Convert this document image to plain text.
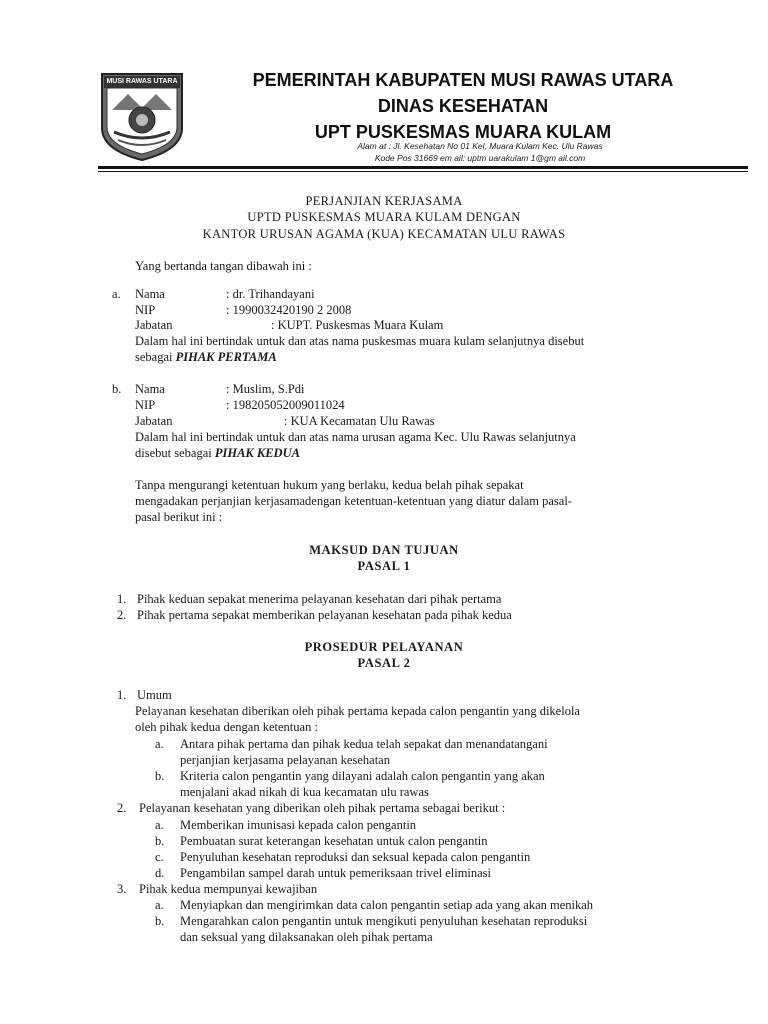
MUSI RAWAS UTARA	PEMERINTAH KABUPATEN MUSI RAWAS UTARA
DINAS KESEHATAN
UPT PUSKESMAS MUARA KULAM
Alam at : Jl. Kesehatan No 01 Kel, Muara Kulam Kec. Ulu Rawas
Kode Pos 31669 em ail: uptm uarakulam 1@gm ail.com
PERJANJIAN KERJASAMA
UPTD PUSKESMAS MUARA KULAM DENGAN
KANTOR URUSAN AGAMA (KUA) KECAMATAN ULU RAWAS
Yang bertanda tangan dibawah ini :
a. Nama	: dr. Trihandayani
NIP	: 1990032420190 2 2008
Jabatan	: KUPT. Puskesmas Muara Kulam
Dalam hal ini bertindak untuk dan atas nama puskesmas muara kulam selanjutnya disebut
sebagai PIHAK PERTAMA
b. Nama	: Muslim, S.Pdi
NIP	: 198205052009011024
Jabatan	: KUA Kecamatan Ulu Rawas
Dalam hal ini bertindak untuk dan atas nama urusan agama Kec. Ulu Rawas selanjutnya
disebut sebagai PIHAK KEDUA
Tanpa mengurangi ketentuan hukum yang berlaku, kedua belah pihak sepakat
mengadakan perjanjian kerjasamadengan ketentuan-ketentuan yang diatur dalam pasal-
pasal berikut ini :
MAKSUD DAN TUJUAN
PASAL 1
1. Pihak keduan sepakat menerima pelayanan kesehatan dari pihak pertama
2. Pihak pertama sepakat memberikan pelayanan kesehatan pada pihak kedua
PROSEDUR PELAYANAN
PASAL 2
1. Umum
Pelayanan kesehatan diberikan oleh pihak pertama kepada calon pengantin yang dikelola
oleh pihak kedua dengan ketentuan :
a. Antara pihak pertama dan pihak kedua telah sepakat dan menandatangani
perjanjian kerjasama pelayanan kesehatan
b. Kriteria calon pengantin yang dilayani adalah calon pengantin yang akan
menjalani akad nikah di kua kecamatan ulu rawas
2. Pelayanan kesehatan yang diberikan oleh pihak pertama sebagai berikut :
a. Memberikan imunisasi kepada calon pengantin
b. Pembuatan surat keterangan kesehatan untuk calon pengantin
c. Penyuluhan kesehatan reproduksi dan seksual kepada calon pengantin
d. Pengambilan sampel darah untuk pemeriksaan trivel eliminasi
3. Pihak kedua mempunyai kewajiban
a. Menyiapkan dan mengirimkan data calon pengantin setiap ada yang akan menikah
b. Mengarahkan calon pengantin untuk mengikuti penyuluhan kesehatan reproduksi
dan seksual yang dilaksanakan oleh pihak pertama
